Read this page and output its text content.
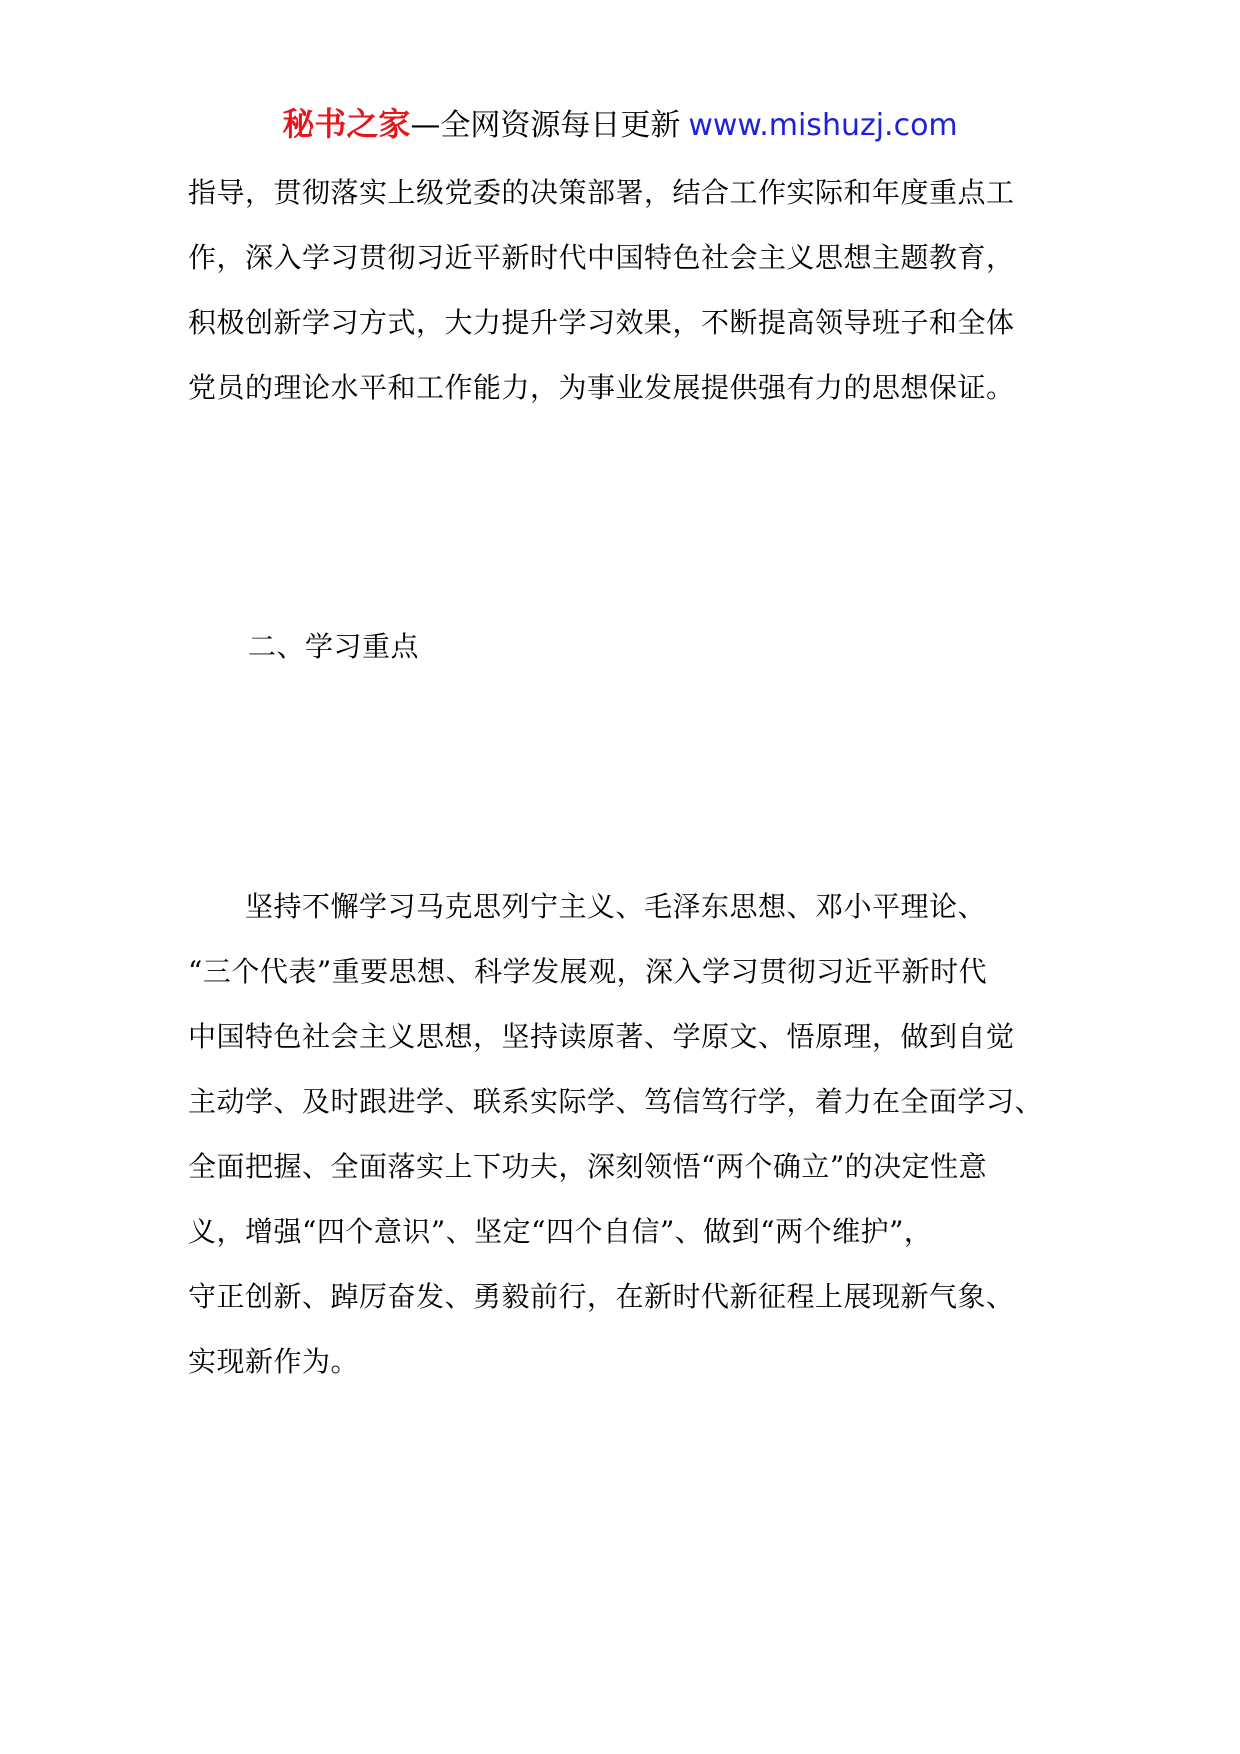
秘书之家—全网资源每日更新 www.mishuzj.com
指导，贯彻落实上级党委的决策部署，结合工作实际和年度重点工
作，深入学习贯彻习近平新时代中国特色社会主义思想主题教育，
积极创新学习方式，大力提升学习效果，不断提高领导班子和全体
党员的理论水平和工作能力，为事业发展提供强有力的思想保证。
二、学习重点
　　坚持不懈学习马克思列宁主义、毛泽东思想、邓小平理论、
“三个代表”重要思想、科学发展观，深入学习贯彻习近平新时代
中国特色社会主义思想，坚持读原著、学原文、悟原理，做到自觉
主动学、及时跟进学、联系实际学、笃信笃行学，着力在全面学习、
全面把握、全面落实上下功夫，深刻领悟“两个确立”的决定性意
义，增强“四个意识”、坚定“四个自信”、做到“两个维护”，
守正创新、踔厉奋发、勇毅前行，在新时代新征程上展现新气象、
实现新作为。
